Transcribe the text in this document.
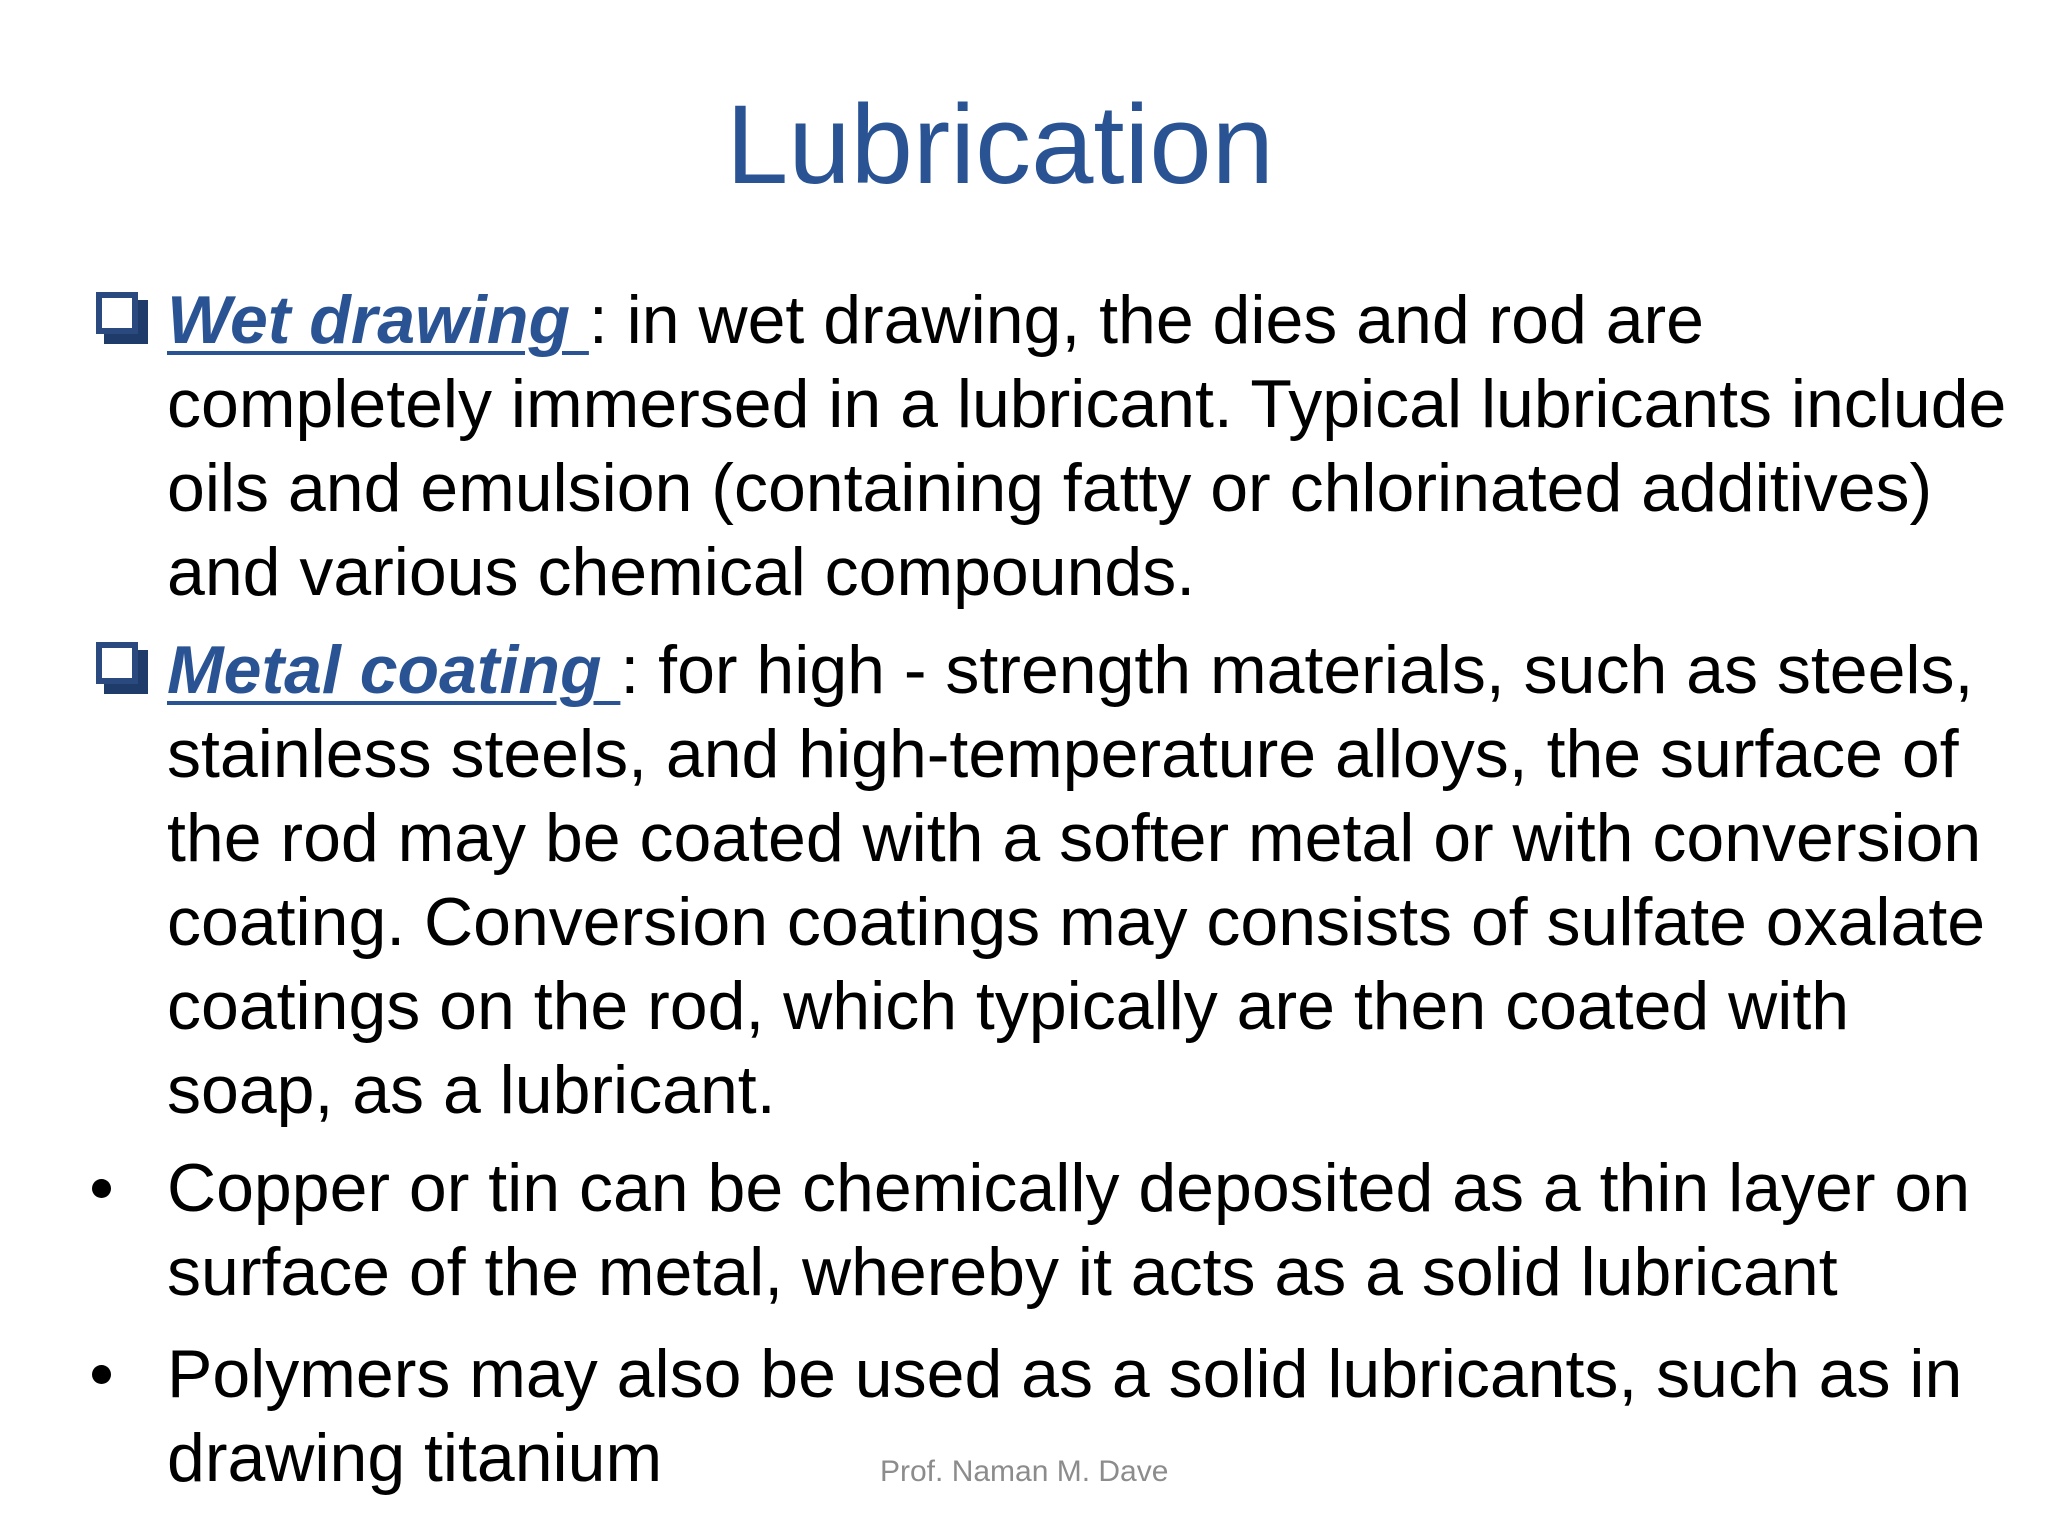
Lubrication
Wet drawing : in wet drawing, the dies and rod are completely immersed in a lubricant. Typical lubricants include oils and emulsion (containing fatty or chlorinated additives) and various chemical compounds.
Metal coating : for high - strength materials, such as steels, stainless steels, and high-temperature alloys, the surface of the rod may be coated with a softer metal or with conversion coating. Conversion coatings may consists of sulfate oxalate coatings on the rod, which typically are then coated with soap, as a lubricant.
Copper or tin can be chemically deposited as a thin layer on surface of the metal, whereby it acts as a solid lubricant
Polymers may also be used as a solid lubricants, such as in drawing titanium	Prof. Naman M. Dave
